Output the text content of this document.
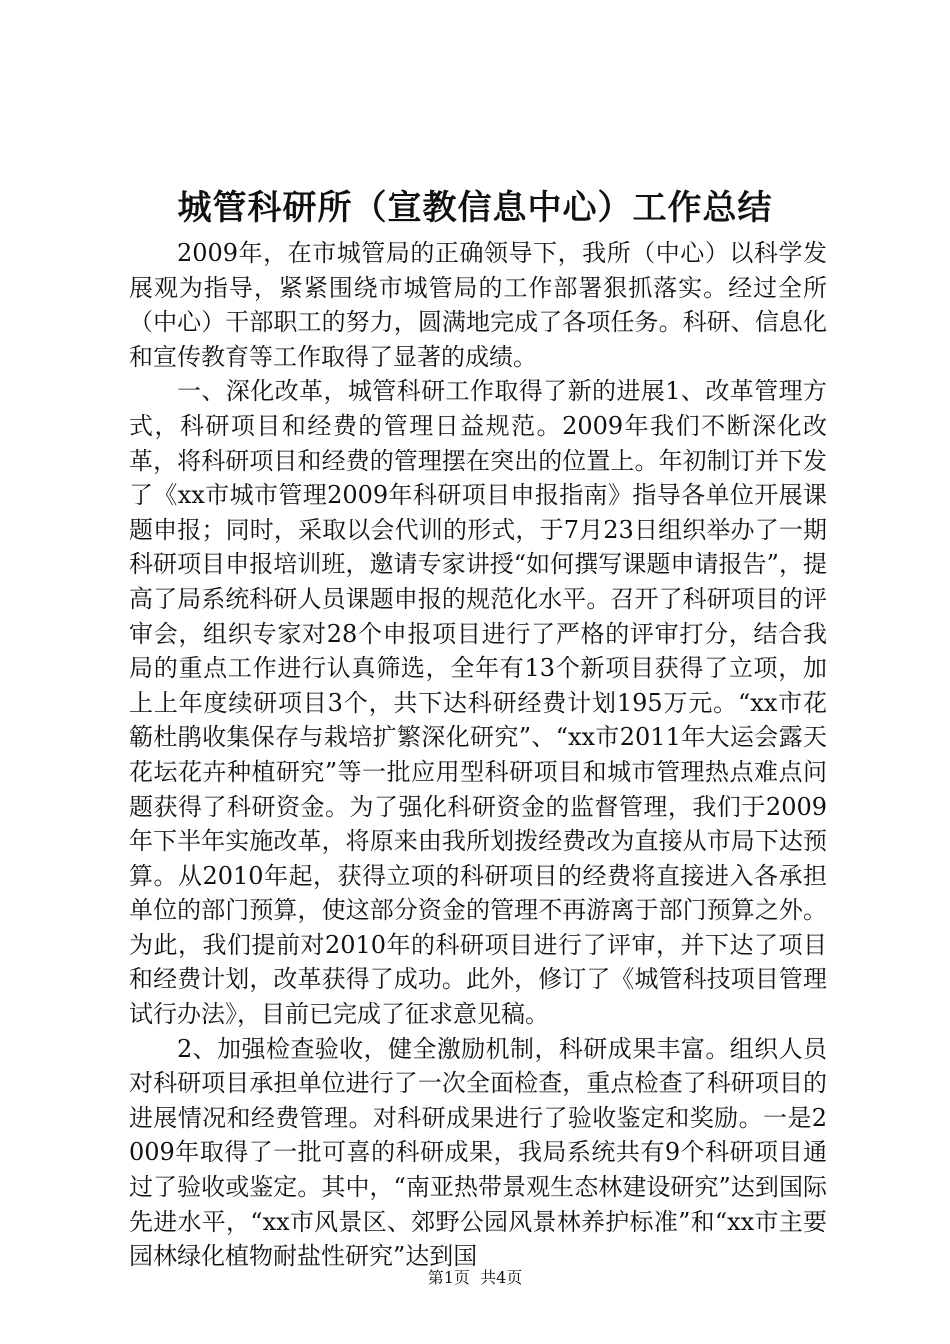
城管科研所（宣教信息中心）工作总结

2009年，在市城管局的正确领导下，我所（中心）以科学发展观为指导，紧紧围绕市城管局的工作部署狠抓落实。经过全所（中心）干部职工的努力，圆满地完成了各项任务。科研、信息化和宣传教育等工作取得了显著的成绩。

一、深化改革，城管科研工作取得了新的进展1、改革管理方式，科研项目和经费的管理日益规范。2009年我们不断深化改革，将科研项目和经费的管理摆在突出的位置上。年初制订并下发了《xx市城市管理2009年科研项目申报指南》指导各单位开展课题申报；同时，采取以会代训的形式，于7月23日组织举办了一期科研项目申报培训班，邀请专家讲授“如何撰写课题申请报告”，提高了局系统科研人员课题申报的规范化水平。召开了科研项目的评审会，组织专家对28个申报项目进行了严格的评审打分，结合我局的重点工作进行认真筛选，全年有13个新项目获得了立项，加上上年度续研项目3个，共下达科研经费计划195万元。“xx市花簕杜鹃收集保存与栽培扩繁深化研究”、“xx市2011年大运会露天花坛花卉种植研究”等一批应用型科研项目和城市管理热点难点问题获得了科研资金。为了强化科研资金的监督管理，我们于2009年下半年实施改革，将原来由我所划拨经费改为直接从市局下达预算。从2010年起，获得立项的科研项目的经费将直接进入各承担单位的部门预算，使这部分资金的管理不再游离于部门预算之外。为此，我们提前对2010年的科研项目进行了评审，并下达了项目和经费计划，改革获得了成功。此外，修订了《城管科技项目管理试行办法》，目前已完成了征求意见稿。

2、加强检查验收，健全激励机制，科研成果丰富。组织人员对科研项目承担单位进行了一次全面检查，重点检查了科研项目的进展情况和经费管理。对科研成果进行了验收鉴定和奖励。一是2009年取得了一批可喜的科研成果，我局系统共有9个科研项目通过了验收或鉴定。其中，“南亚热带景观生态林建设研究”达到国际先进水平，“xx市风景区、郊野公园风景林养护标准”和“xx市主要园林绿化植物耐盐性研究”达到国

第1页 共4页
